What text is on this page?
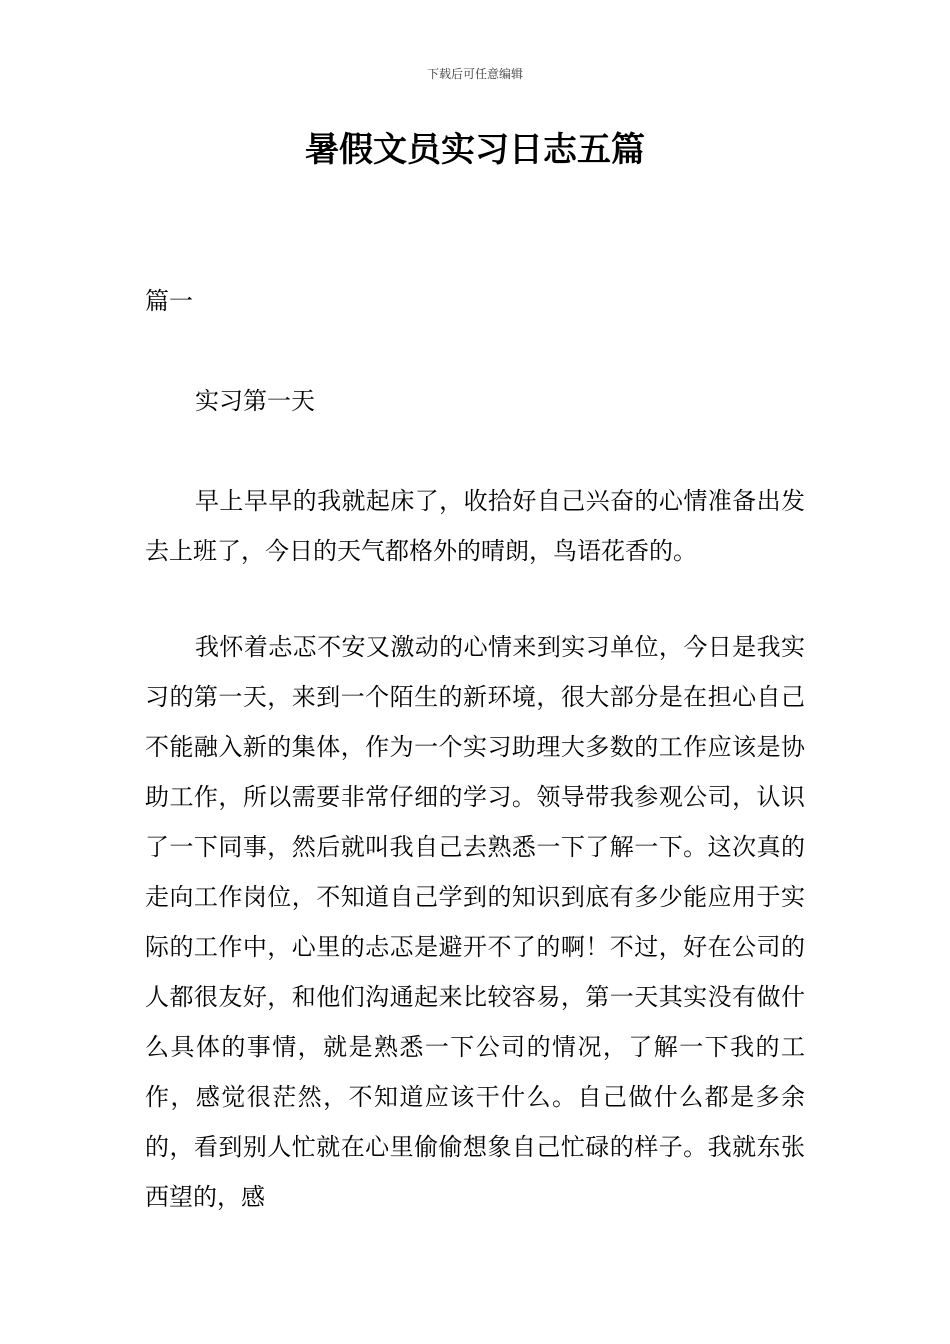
下载后可任意编辑
暑假文员实习日志五篇

篇一

实习第一天

早上早早的我就起床了，收拾好自己兴奋的心情准备出发去上班了，今日的天气都格外的晴朗，鸟语花香的。

我怀着忐忑不安又激动的心情来到实习单位，今日是我实习的第一天，来到一个陌生的新环境，很大部分是在担心自己不能融入新的集体，作为一个实习助理大多数的工作应该是协助工作，所以需要非常仔细的学习。领导带我参观公司，认识了一下同事，然后就叫我自己去熟悉一下了解一下。这次真的走向工作岗位，不知道自己学到的知识到底有多少能应用于实际的工作中，心里的忐忑是避开不了的啊！不过，好在公司的人都很友好，和他们沟通起来比较容易，第一天其实没有做什么具体的事情，就是熟悉一下公司的情况，了解一下我的工作，感觉很茫然，不知道应该干什么。自己做什么都是多余的，看到别人忙就在心里偷偷想象自己忙碌的样子。我就东张西望的，感
